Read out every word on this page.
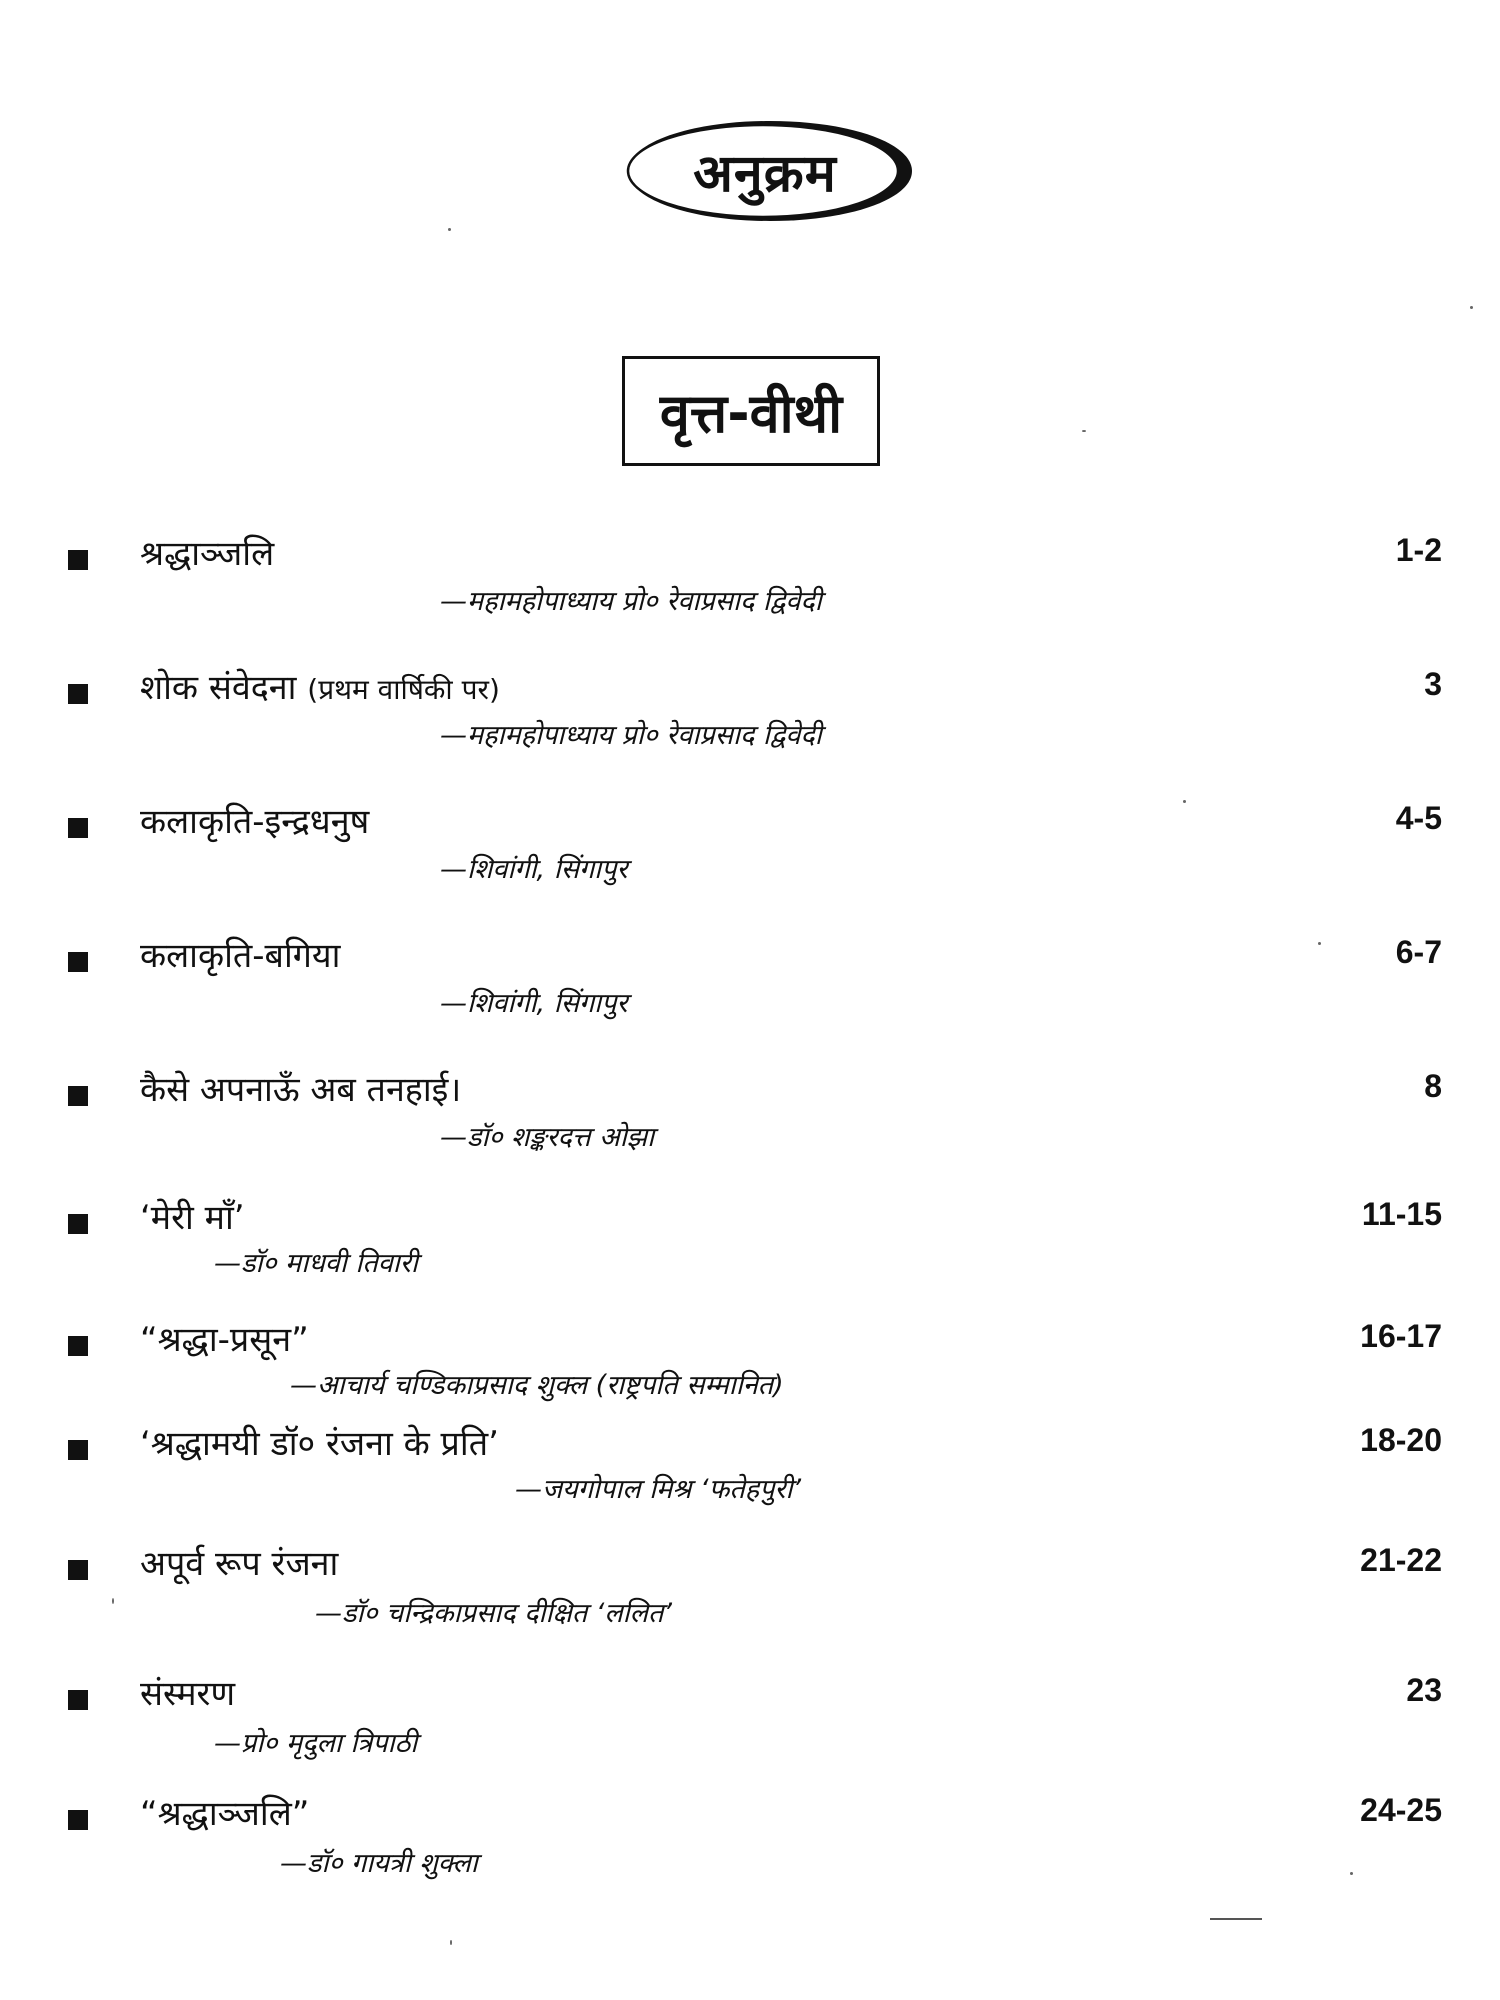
अनुक्रम
वृत्त-वीथी
श्रद्धाञ्जलि	1-2
—महामहोपाध्याय प्रो० रेवाप्रसाद द्विवेदी
शोक संवेदना (प्रथम वार्षिकी पर)	3
—महामहोपाध्याय प्रो० रेवाप्रसाद द्विवेदी
कलाकृति-इन्द्रधनुष	4-5
—शिवांगी, सिंगापुर
कलाकृति-बगिया	6-7
—शिवांगी, सिंगापुर
कैसे अपनाऊँ अब तनहाई।	8
—डॉ० शङ्करदत्त ओझा
‘मेरी माँ’	11-15
—डॉ० माधवी तिवारी
“श्रद्धा-प्रसून”	16-17
—आचार्य चण्डिकाप्रसाद शुक्ल (राष्ट्रपति सम्मानित)
‘श्रद्धामयी डॉ० रंजना के प्रति’	18-20
—जयगोपाल मिश्र ‘फतेहपुरी’
अपूर्व रूप रंजना	21-22
—डॉ० चन्द्रिकाप्रसाद दीक्षित ‘ललित’
संस्मरण	23
—प्रो० मृदुला त्रिपाठी
“श्रद्धाञ्जलि”	24-25
—डॉ० गायत्री शुक्ला
